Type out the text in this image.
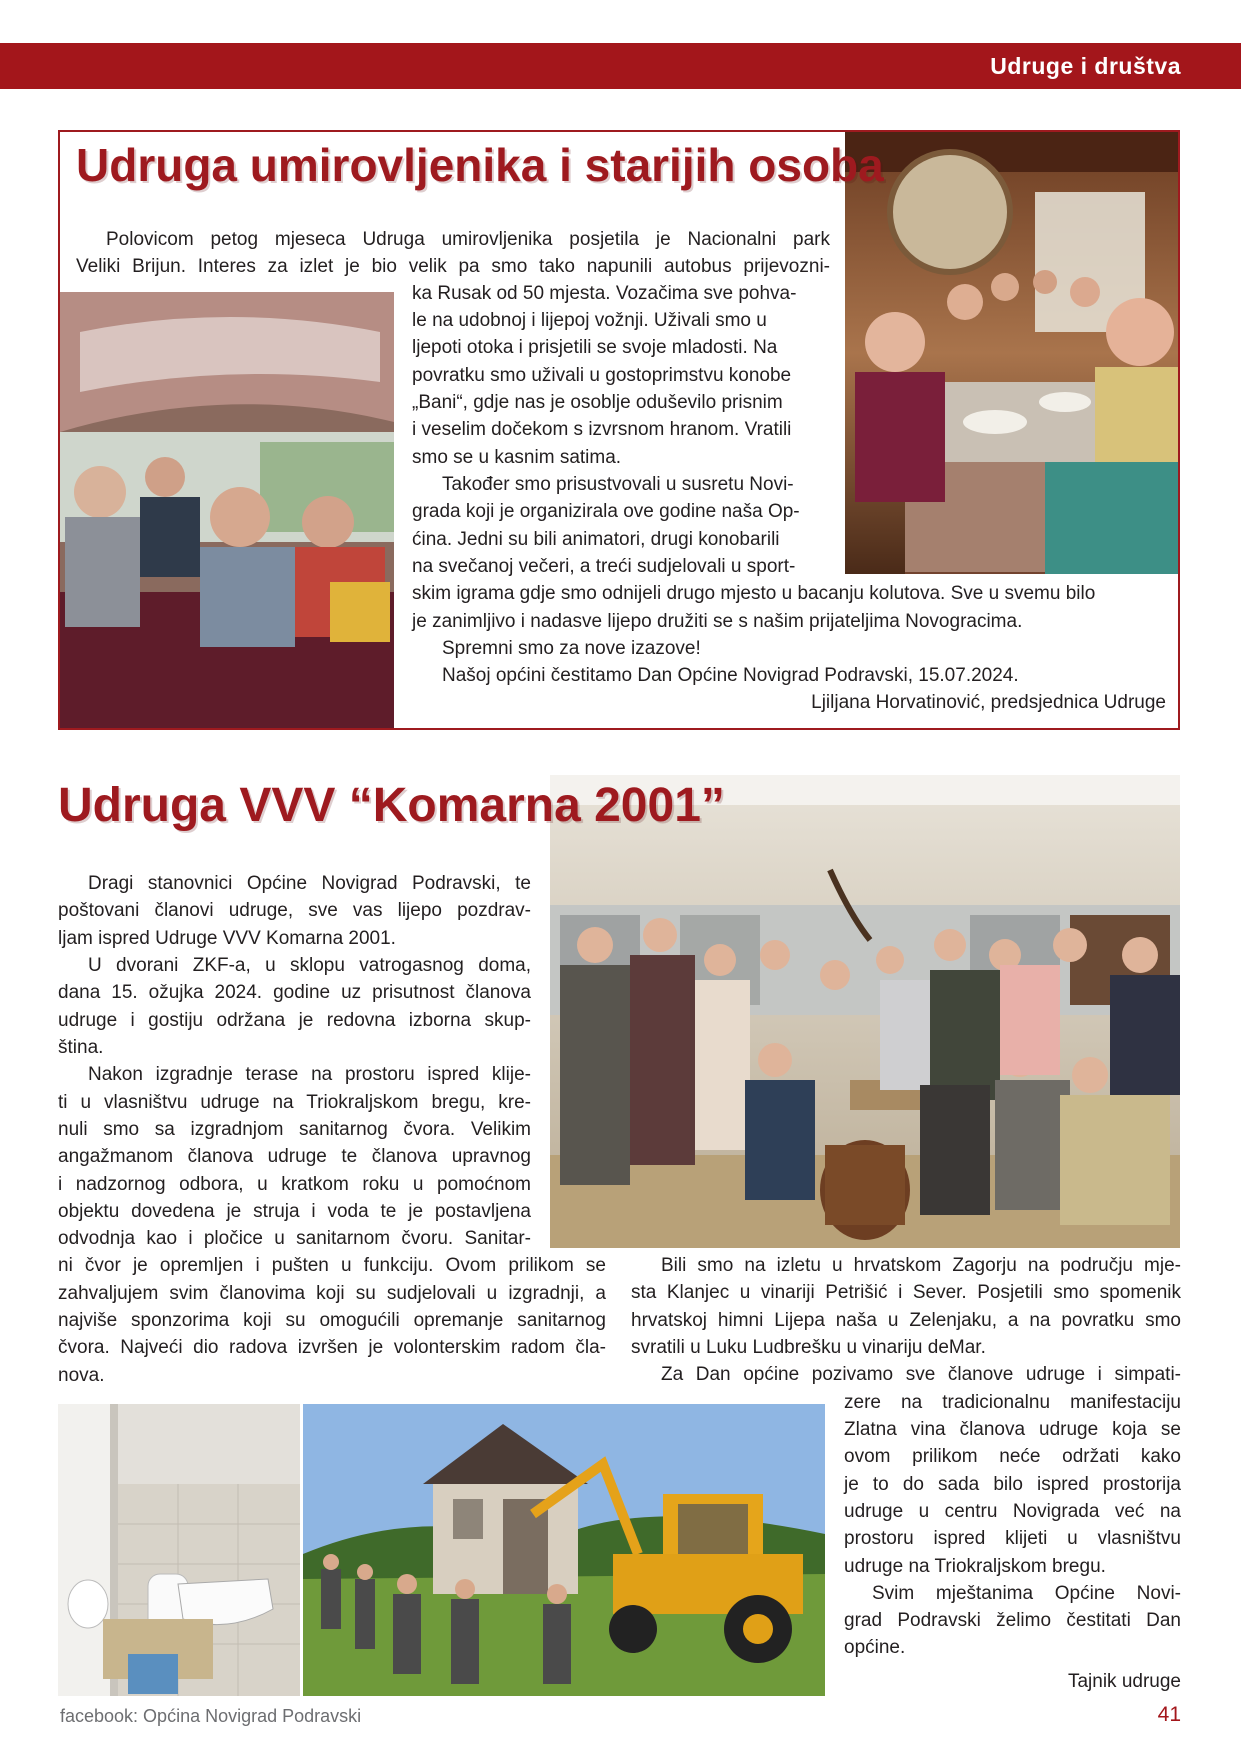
Udruge i društva
Udruga umirovljenika i starijih osoba
Polovicom petog mjeseca Udruga umirovljenika posjetila je Nacionalni park
Veliki Brijun. Interes za izlet je bio velik pa smo tako napunili autobus prijevozni-
ka Rusak od 50 mjesta. Vozačima sve pohva-
le na udobnoj i lijepoj vožnji. Uživali smo u
ljepoti otoka i prisjetili se svoje mladosti. Na
povratku smo uživali u gostoprimstvu konobe
„Bani“, gdje nas je osoblje oduševilo prisnim
i veselim dočekom s izvrsnom hranom. Vratili
smo se u kasnim satima.
Također smo prisustvovali u susretu Novi-
grada koji je organizirala ove godine naša Op-
ćina. Jedni su bili animatori, drugi konobarili
na svečanoj večeri, a treći sudjelovali u sport-
skim igrama gdje smo odnijeli drugo mjesto u bacanju kolutova. Sve u svemu bilo
je zanimljivo i nadasve lijepo družiti se s našim prijateljima Novogracima.
Spremni smo za nove izazove!
Našoj općini čestitamo Dan Općine Novigrad Podravski, 15.07.2024.
Ljiljana Horvatinović, predsjednica Udruge
Udruga VVV “Komarna 2001”
Dragi stanovnici Općine Novigrad Podravski, te
poštovani članovi udruge, sve vas lijepo pozdrav-
ljam ispred Udruge VVV Komarna 2001.
U dvorani ZKF-a, u sklopu vatrogasnog doma,
dana 15. ožujka 2024. godine uz prisutnost članova
udruge i gostiju održana je redovna izborna skup-
ština.
Nakon izgradnje terase na prostoru ispred klije-
ti u vlasništvu udruge na Triokraljskom bregu, kre-
nuli smo sa izgradnjom sanitarnog čvora. Velikim
angažmanom članova udruge te članova upravnog
i nadzornog odbora, u kratkom roku u pomoćnom
objektu dovedena je struja i voda te je postavljena
odvodnja kao i pločice u sanitarnom čvoru. Sanitar-
ni čvor je opremljen i pušten u funkciju. Ovom prilikom se
zahvaljujem svim članovima koji su sudjelovali u izgradnji, a
najviše sponzorima koji su omogućili opremanje sanitarnog
čvora. Najveći dio radova izvršen je volonterskim radom čla-
nova.
Bili smo na izletu u hrvatskom Zagorju na području mje-
sta Klanjec u vinariji Petrišić i Sever. Posjetili smo spomenik
hrvatskoj himni Lijepa naša u Zelenjaku, a na povratku smo
svratili u Luku Ludbrešku u vinariju deMar.
Za Dan općine pozivamo sve članove udruge i simpati-
zere na tradicionalnu manifestaciju
Zlatna vina članova udruge koja se
ovom prilikom neće održati kako
je to do sada bilo ispred prostorija
udruge u centru Novigrada već na
prostoru ispred klijeti u vlasništvu
udruge na Triokraljskom bregu.
Svim mještanima Općine Novi-
grad Podravski želimo čestitati Dan
općine.
Tajnik udruge
facebook: Općina Novigrad Podravski	41
